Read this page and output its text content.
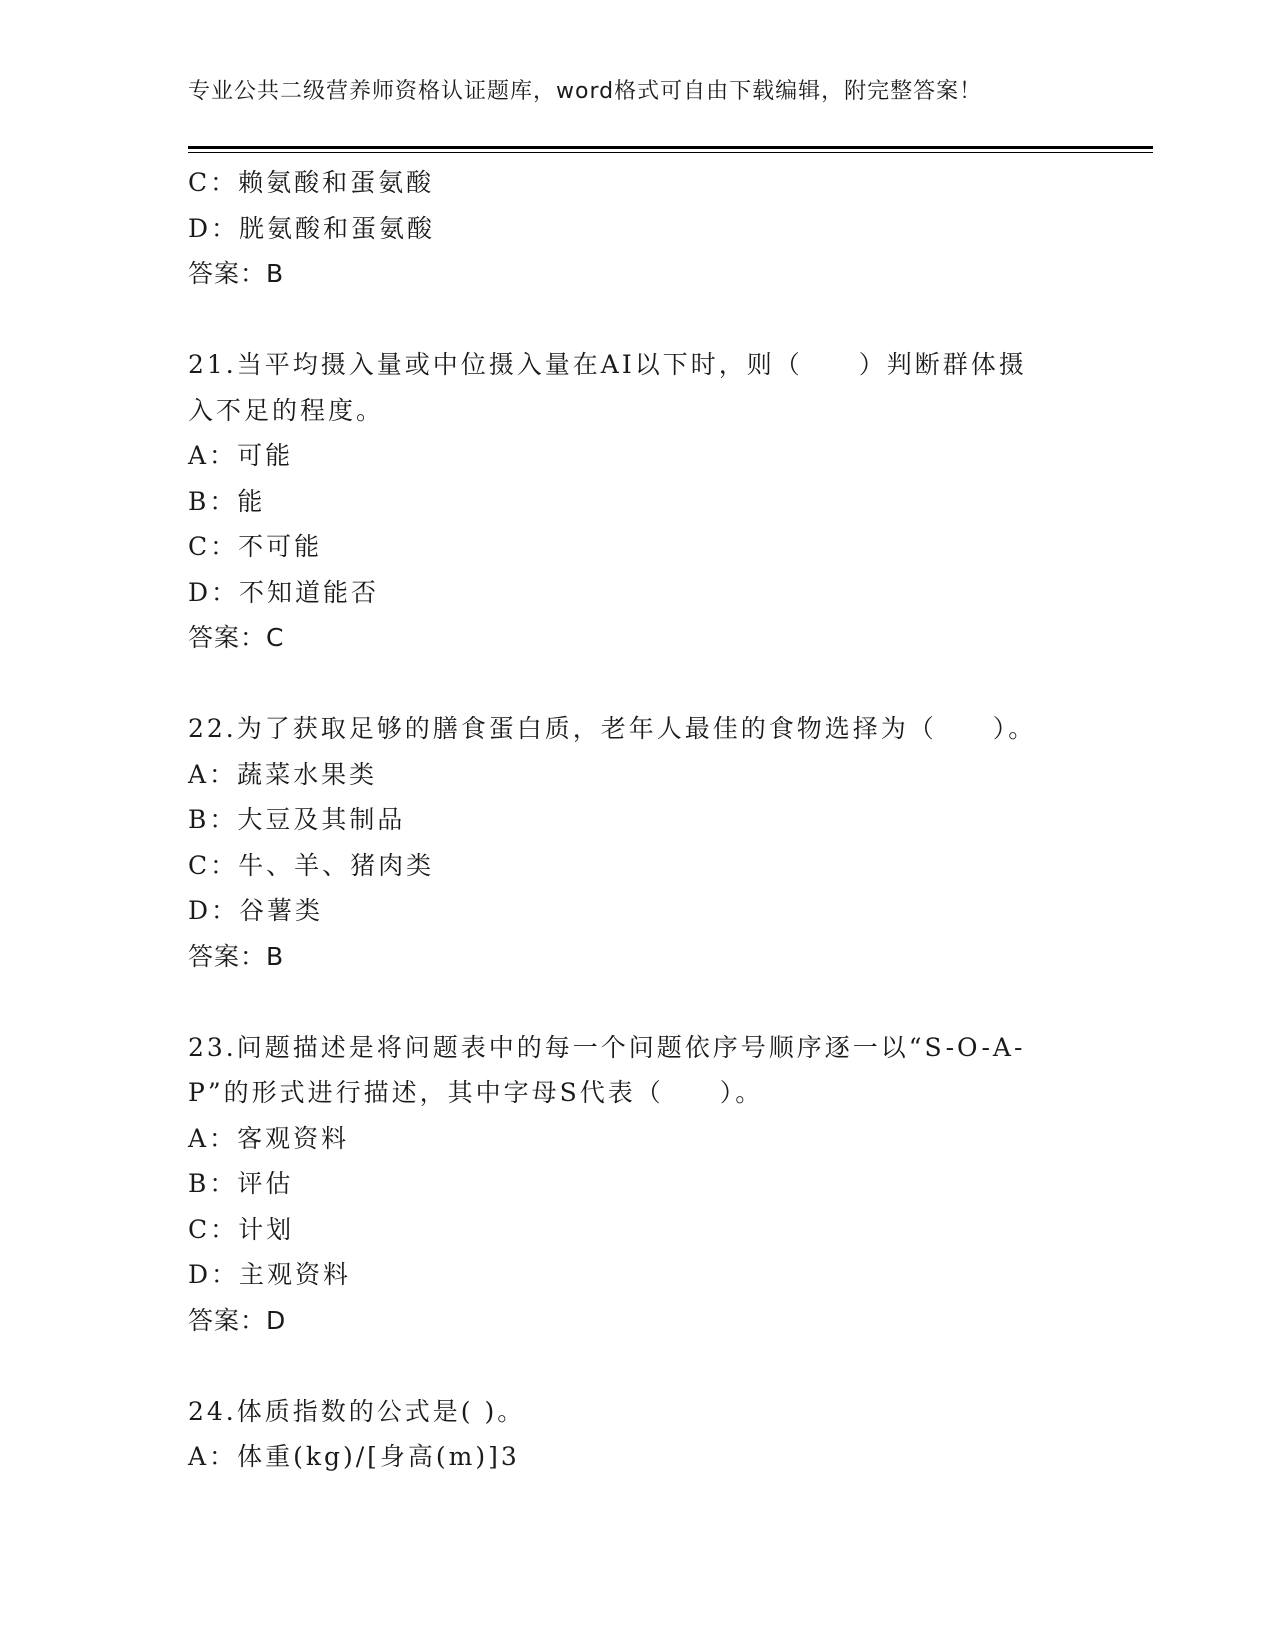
专业公共二级营养师资格认证题库，word格式可自由下载编辑，附完整答案！
C：赖氨酸和蛋氨酸
D：胱氨酸和蛋氨酸
答案：B
21.当平均摄入量或中位摄入量在AI以下时，则（　　）判断群体摄
入不足的程度。
A：可能
B：能
C：不可能
D：不知道能否
答案：C
22.为了获取足够的膳食蛋白质，老年人最佳的食物选择为（　　）。
A：蔬菜水果类
B：大豆及其制品
C：牛、羊、猪肉类
D：谷薯类
答案：B
23.问题描述是将问题表中的每一个问题依序号顺序逐一以“S-O-A-
P”的形式进行描述，其中字母S代表（　　）。
A：客观资料
B：评估
C：计划
D：主观资料
答案：D
24.体质指数的公式是( )。
A：体重(kg)/[身高(m)]3
